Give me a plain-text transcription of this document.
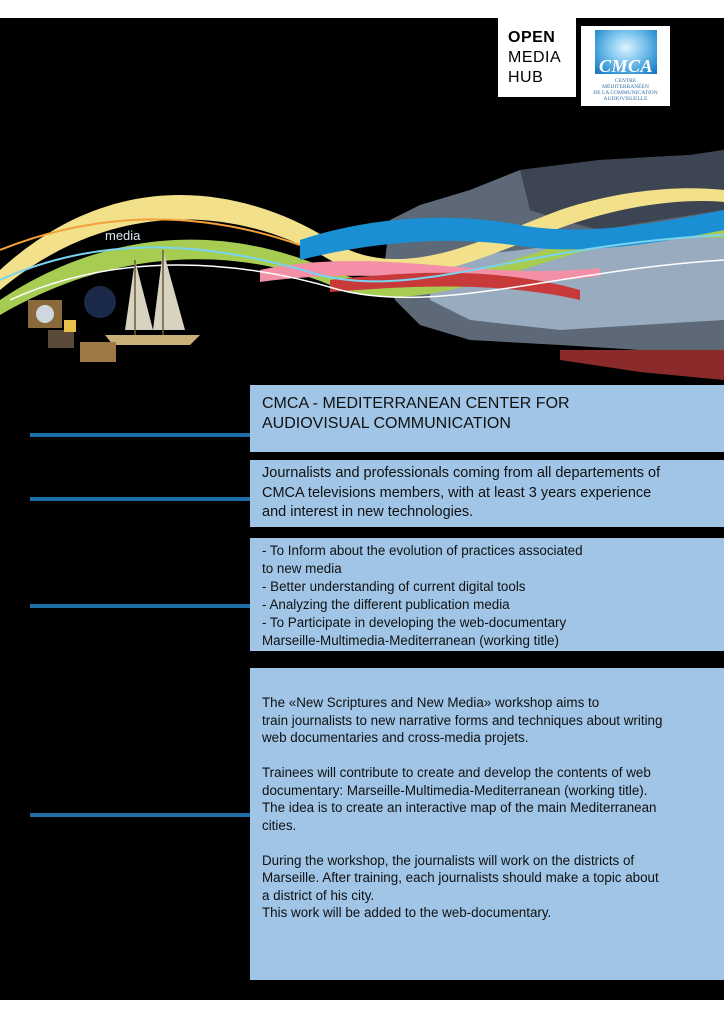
OPEN
MEDIA
HUB
CMCA
CENTRE
MÉDITERRANÉEN
DE LA COMMUNICATION
AUDIOVISUELLE
media
CMCA - MEDITERRANEAN CENTER FOR
AUDIOVISUAL COMMUNICATION
Journalists and professionals coming from all departements of
CMCA televisions members, with at least 3 years experience
and interest in new technologies.
- To Inform about the evolution of practices associated
to new media
- Better understanding of current digital tools
- Analyzing the different publication media
- To Participate in developing the web-documentary
Marseille-Multimedia-Mediterranean (working title)
The «New Scriptures and New Media» workshop aims to
train journalists to new narrative forms and techniques about writing
web documentaries and cross-media projets.
Trainees will contribute to create and develop the contents of web
documentary: Marseille-Multimedia-Mediterranean (working title).
The idea is to create an interactive map of the main Mediterranean
cities.
During the workshop, the journalists will work on the districts of
Marseille. After training, each journalists should make a topic about
a district of his city.
This work will be added to the web-documentary.
